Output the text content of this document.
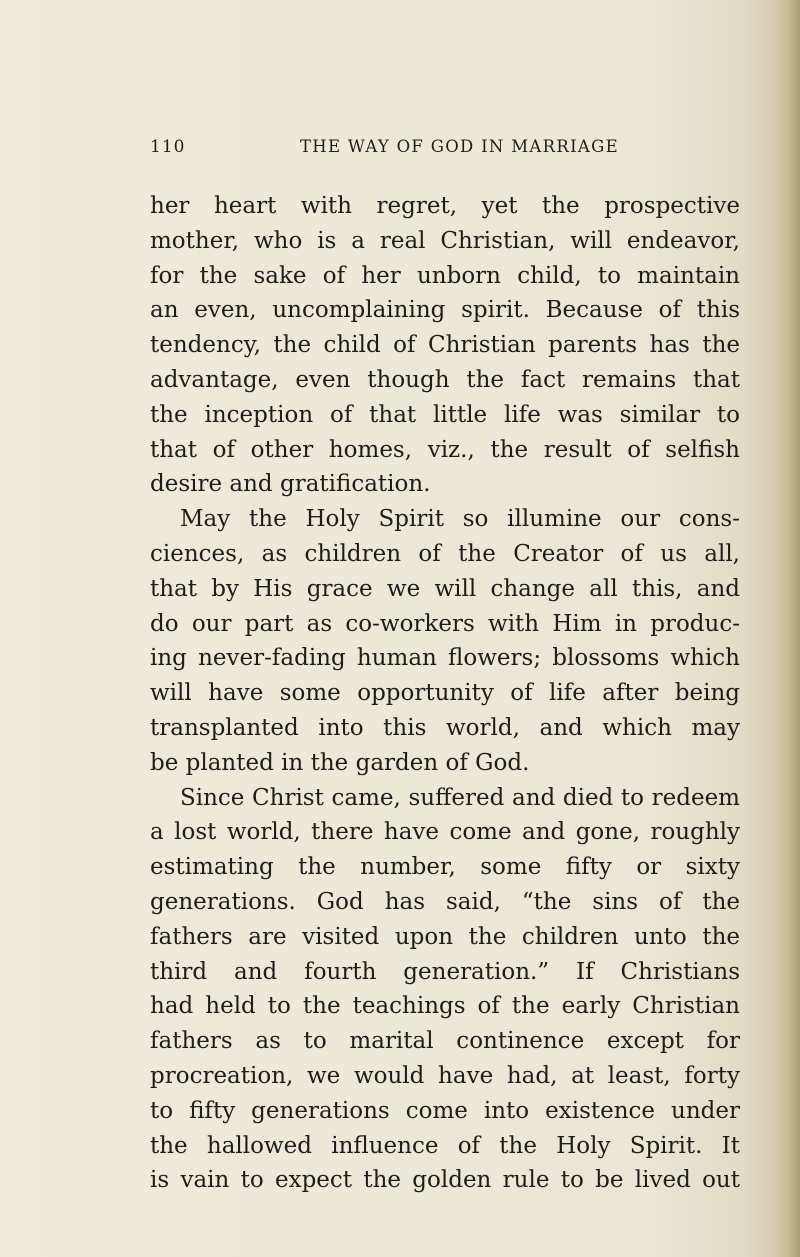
110	THE WAY OF GOD IN MARRIAGE
her heart with regret, yet the prospective
mother, who is a real Christian, will endeavor,
for the sake of her unborn child, to maintain
an even, uncomplaining spirit. Because of this
tendency, the child of Christian parents has the
advantage, even though the fact remains that
the inception of that little life was similar to
that of other homes, viz., the result of selfish
desire and gratification.
May the Holy Spirit so illumine our cons-
ciences, as children of the Creator of us all,
that by His grace we will change all this, and
do our part as co-workers with Him in produc-
ing never-fading human flowers; blossoms which
will have some opportunity of life after being
transplanted into this world, and which may
be planted in the garden of God.
Since Christ came, suffered and died to redeem
a lost world, there have come and gone, roughly
estimating the number, some fifty or sixty
generations. God has said, “the sins of the
fathers are visited upon the children unto the
third and fourth generation.” If Christians
had held to the teachings of the early Christian
fathers as to marital continence except for
procreation, we would have had, at least, forty
to fifty generations come into existence under
the hallowed influence of the Holy Spirit. It
is vain to expect the golden rule to be lived out
